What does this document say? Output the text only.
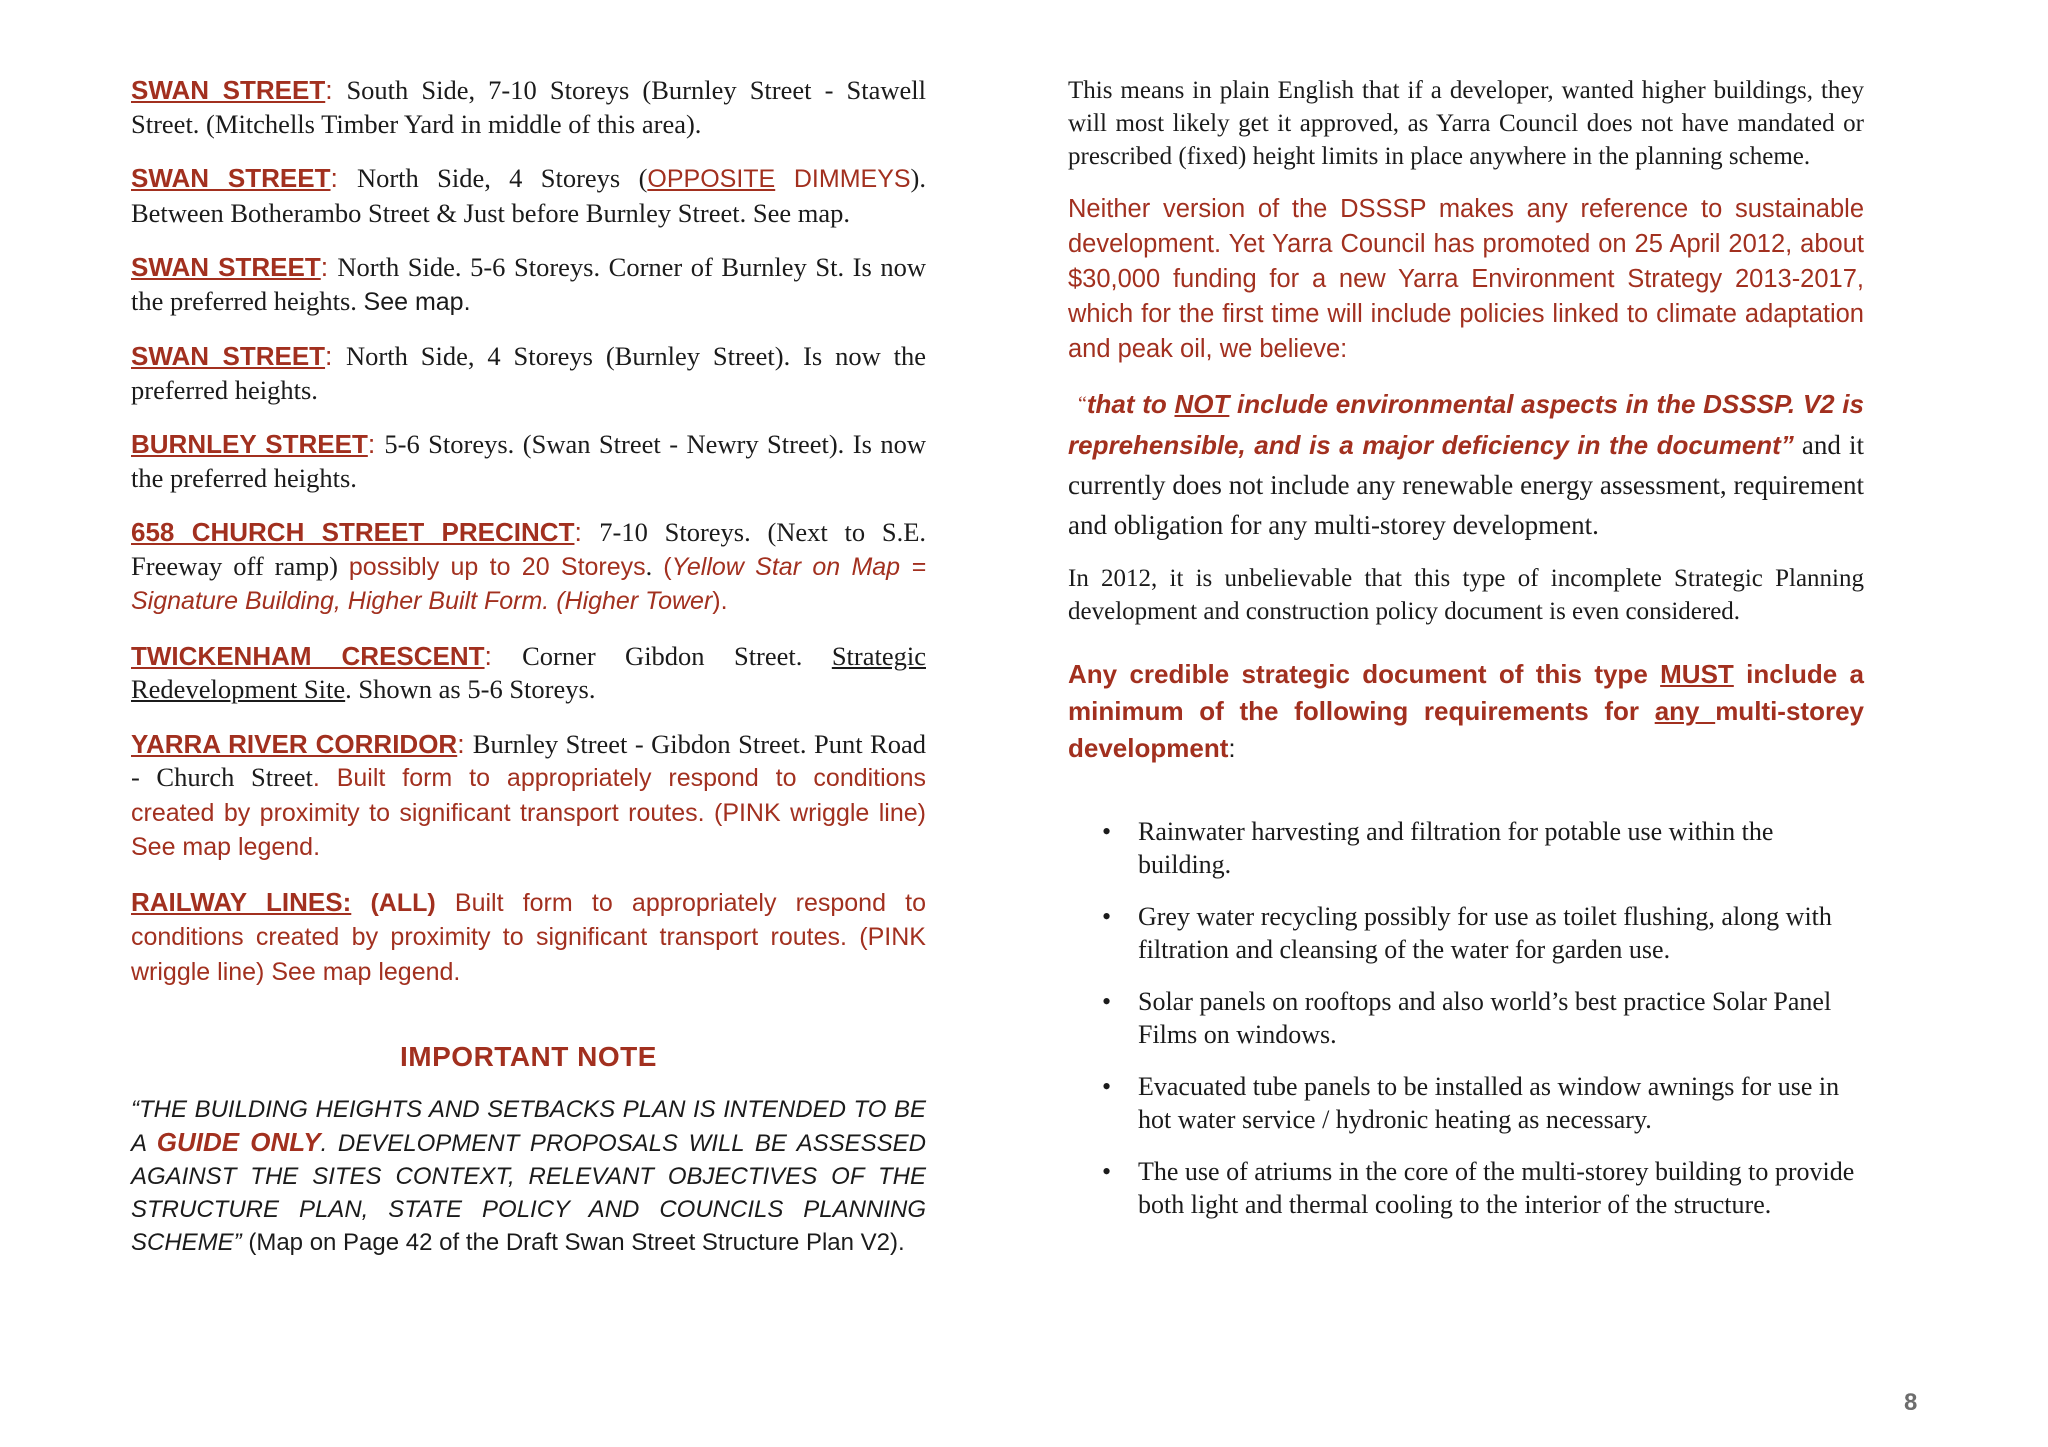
SWAN STREET: South Side, 7-10 Storeys (Burnley Street - Stawell Street. (Mitchells Timber Yard in middle of this area).

SWAN STREET: North Side, 4 Storeys (OPPOSITE DIMMEYS). Between Botherambo Street & Just before Burnley Street. See map.

SWAN STREET: North Side. 5-6 Storeys. Corner of Burnley St. Is now the preferred heights. See map.

SWAN STREET: North Side, 4 Storeys (Burnley Street). Is now the preferred heights.

BURNLEY STREET: 5-6 Storeys. (Swan Street - Newry Street). Is now the preferred heights.

658 CHURCH STREET PRECINCT: 7-10 Storeys. (Next to S.E. Freeway off ramp) possibly up to 20 Storeys. (Yellow Star on Map = Signature Building, Higher Built Form. (Higher Tower).

TWICKENHAM CRESCENT: Corner Gibdon Street. Strategic Redevelopment Site. Shown as 5-6 Storeys.

YARRA RIVER CORRIDOR: Burnley Street - Gibdon Street. Punt Road - Church Street. Built form to appropriately respond to conditions created by proximity to significant transport routes. (PINK wriggle line) See map legend.

RAILWAY LINES: (ALL) Built form to appropriately respond to conditions created by proximity to significant transport routes. (PINK wriggle line) See map legend.

IMPORTANT NOTE

“THE BUILDING HEIGHTS AND SETBACKS PLAN IS INTENDED TO BE A GUIDE ONLY. DEVELOPMENT PROPOSALS WILL BE ASSESSED AGAINST THE SITES CONTEXT, RELEVANT OBJECTIVES OF THE STRUCTURE PLAN, STATE POLICY AND COUNCILS PLANNING SCHEME” (Map on Page 42 of the Draft Swan Street Structure Plan V2).

This means in plain English that if a developer, wanted higher buildings, they will most likely get it approved, as Yarra Council does not have mandated or prescribed (fixed) height limits in place anywhere in the planning scheme.

Neither version of the DSSSP makes any reference to sustainable development. Yet Yarra Council has promoted on 25 April 2012, about $30,000 funding for a new Yarra Environment Strategy 2013-2017, which for the first time will include policies linked to climate adaptation and peak oil, we believe:

“that to NOT include environmental aspects in the DSSSP. V2 is reprehensible, and is a major deficiency in the document” and it currently does not include any renewable energy assessment, requirement and obligation for any multi-storey development.

In 2012, it is unbelievable that this type of incomplete Strategic Planning development and construction policy document is even considered.

Any credible strategic document of this type MUST include a minimum of the following requirements for any multi-storey development:

• Rainwater harvesting and filtration for potable use within the building.
• Grey water recycling possibly for use as toilet flushing, along with filtration and cleansing of the water for garden use.
• Solar panels on rooftops and also world’s best practice Solar Panel Films on windows.
• Evacuated tube panels to be installed as window awnings for use in hot water service / hydronic heating as necessary.
• The use of atriums in the core of the multi-storey building to provide both light and thermal cooling to the interior of the structure.
8
